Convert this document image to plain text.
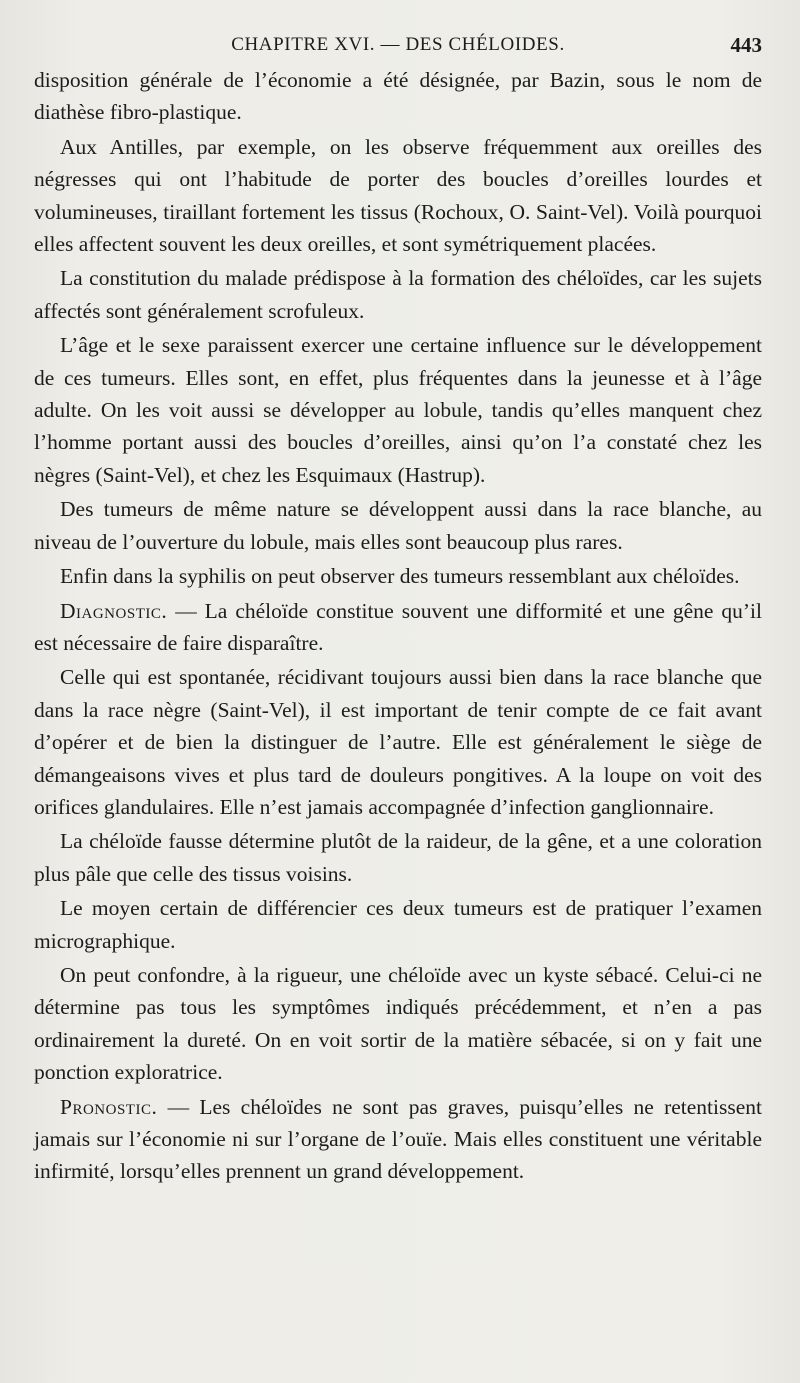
CHAPITRE XVI. — DES CHÉLOIDES.	443

disposition générale de l’économie a été désignée, par Bazin, sous le nom de diathèse fibro-plastique.

Aux Antilles, par exemple, on les observe fréquemment aux oreilles des négresses qui ont l’habitude de porter des boucles d’oreilles lourdes et volumineuses, tiraillant fortement les tissus (Rochoux, O. Saint-Vel). Voilà pourquoi elles affectent souvent les deux oreilles, et sont symétriquement placées.

La constitution du malade prédispose à la formation des chéloïdes, car les sujets affectés sont généralement scrofuleux.

L’âge et le sexe paraissent exercer une certaine influence sur le développement de ces tumeurs. Elles sont, en effet, plus fréquentes dans la jeunesse et à l’âge adulte. On les voit aussi se développer au lobule, tandis qu’elles manquent chez l’homme portant aussi des boucles d’oreilles, ainsi qu’on l’a constaté chez les nègres (Saint-Vel), et chez les Esquimaux (Hastrup).

Des tumeurs de même nature se développent aussi dans la race blanche, au niveau de l’ouverture du lobule, mais elles sont beaucoup plus rares.

Enfin dans la syphilis on peut observer des tumeurs ressemblant aux chéloïdes.

Diagnostic. — La chéloïde constitue souvent une difformité et une gêne qu’il est nécessaire de faire disparaître.

Celle qui est spontanée, récidivant toujours aussi bien dans la race blanche que dans la race nègre (Saint-Vel), il est important de tenir compte de ce fait avant d’opérer et de bien la distinguer de l’autre. Elle est généralement le siège de démangeaisons vives et plus tard de douleurs pongitives. A la loupe on voit des orifices glandulaires. Elle n’est jamais accompagnée d’infection ganglionnaire.

La chéloïde fausse détermine plutôt de la raideur, de la gêne, et a une coloration plus pâle que celle des tissus voisins.

Le moyen certain de différencier ces deux tumeurs est de pratiquer l’examen micrographique.

On peut confondre, à la rigueur, une chéloïde avec un kyste sébacé. Celui-ci ne détermine pas tous les symptômes indiqués précédemment, et n’en a pas ordinairement la dureté. On en voit sortir de la matière sébacée, si on y fait une ponction exploratrice.

Pronostic. — Les chéloïdes ne sont pas graves, puisqu’elles ne retentissent jamais sur l’économie ni sur l’organe de l’ouïe. Mais elles constituent une véritable infirmité, lorsqu’elles prennent un grand développement.
